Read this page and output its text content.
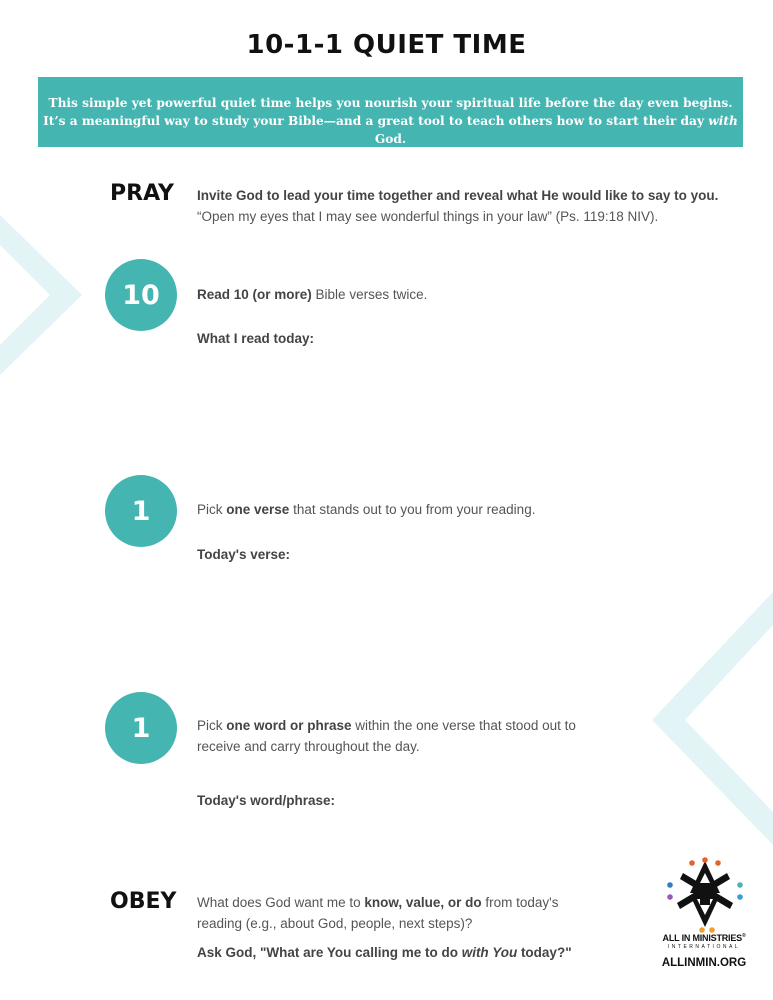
10-1-1 QUIET TIME

This simple yet powerful quiet time helps you nourish your spiritual life before the day even begins.

It’s a meaningful way to study your Bible—and a great tool to teach others how to start their day with God.

PRAY Invite God to lead your time together and reveal what He would like to say to you.

“Open my eyes that I may see wonderful things in your law” (Ps. 119:18 NIV).

10	Read 10 (or more) Bible verses twice.

What I read today:
1	Pick one verse that stands out to you from your reading.

Today's verse:
1	Pick one word or phrase within the one verse that stood out to

receive and carry throughout the day.

Today's word/phrase:
OBEY What does God want me to know, value, or do from today's

reading (e.g., about God, people, next steps)?

Ask God, "What are You calling me to do with You today?"
ALL IN MINISTRIES®
INTERNATIONAL
ALLINMIN.ORG
